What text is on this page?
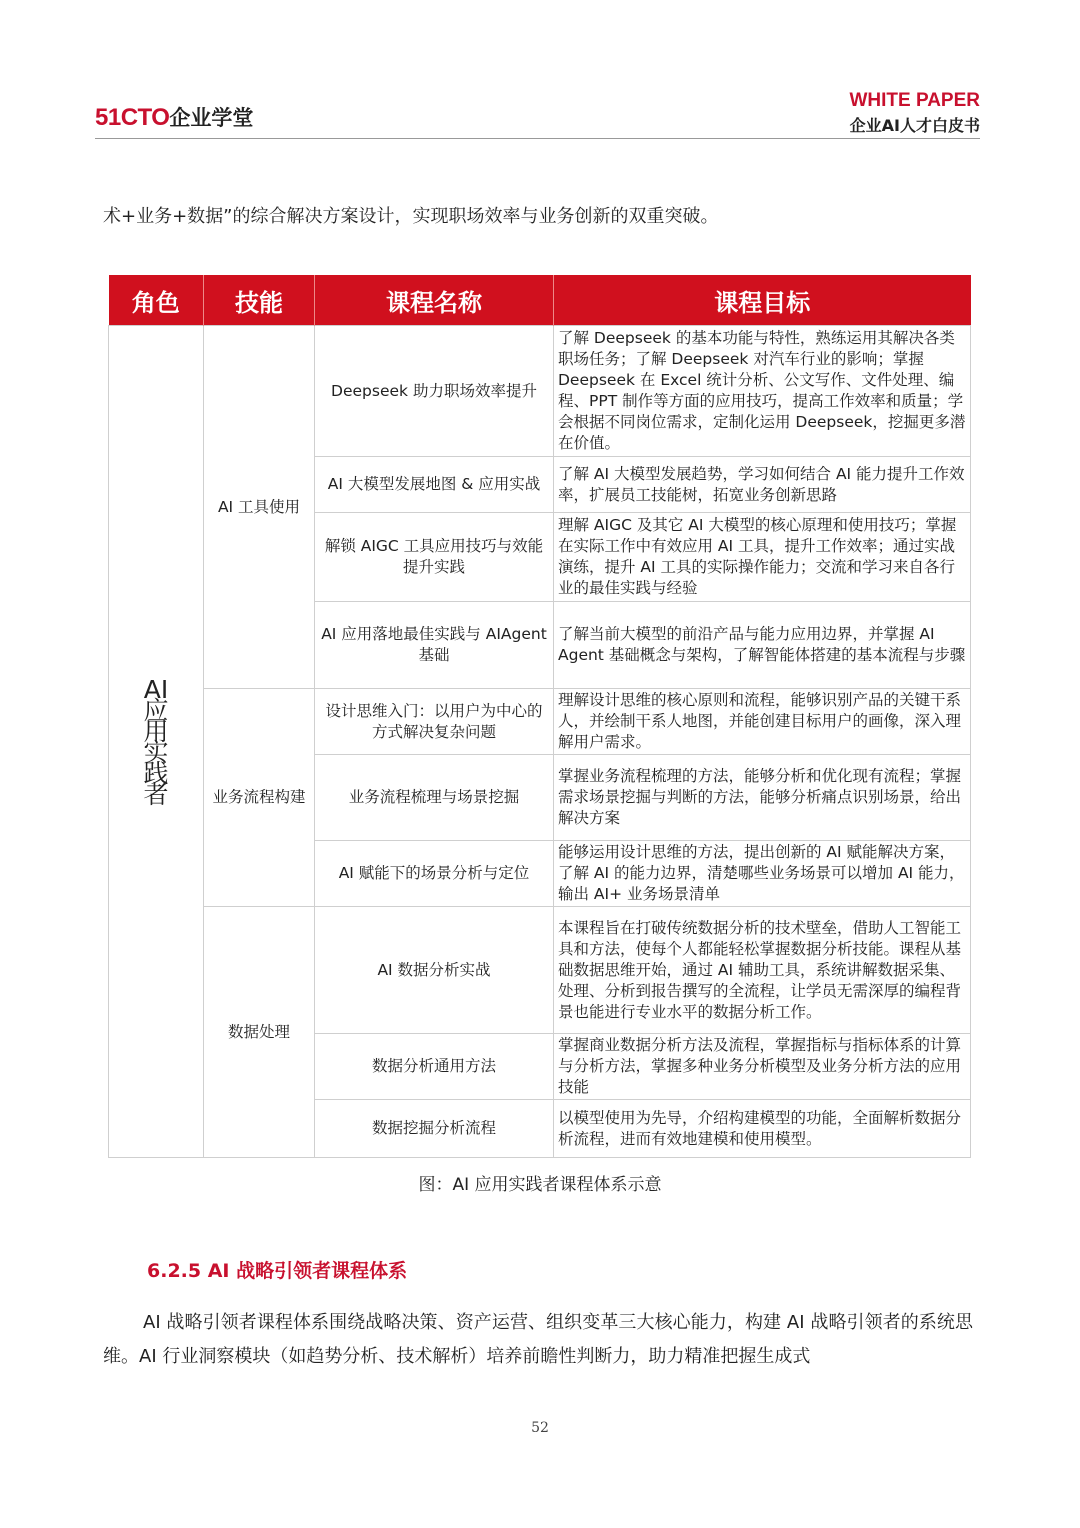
51CTO企业学堂
WHITE PAPER
企业AI人才白皮书
术+业务+数据”的综合解决方案设计，实现职场效率与业务创新的双重突破。
角色	技能	课程名称	课程目标

AI应用实践者	AI 工具使用	Deepseek 助力职场效率提升	了解 Deepseek 的基本功能与特性，熟练运用其解决各类职场任务；了解 Deepseek 对汽车行业的影响；掌握 Deepseek 在 Excel 统计分析、公文写作、文件处理、编程、PPT 制作等方面的应用技巧，提高工作效率和质量；学会根据不同岗位需求，定制化运用 Deepseek，挖掘更多潜在价值。
		AI 大模型发展地图 & 应用实战	了解 AI 大模型发展趋势，学习如何结合 AI 能力提升工作效率，扩展员工技能树，拓宽业务创新思路
		解锁 AIGC 工具应用技巧与效能提升实践	理解 AIGC 及其它 AI 大模型的核心原理和使用技巧；掌握在实际工作中有效应用 AI 工具，提升工作效率；通过实战演练，提升 AI 工具的实际操作能力；交流和学习来自各行业的最佳实践与经验
		AI 应用落地最佳实践与 AIAgent 基础	了解当前大模型的前沿产品与能力应用边界，并掌握 AI Agent 基础概念与架构，了解智能体搭建的基本流程与步骤
	业务流程构建	设计思维入门：以用户为中心的方式解决复杂问题	理解设计思维的核心原则和流程，能够识别产品的关键干系人，并绘制干系人地图，并能创建目标用户的画像，深入理解用户需求。
		业务流程梳理与场景挖掘	掌握业务流程梳理的方法，能够分析和优化现有流程；掌握需求场景挖掘与判断的方法，能够分析痛点识别场景，给出解决方案
		AI 赋能下的场景分析与定位	能够运用设计思维的方法，提出创新的 AI 赋能解决方案，了解 AI 的能力边界，清楚哪些业务场景可以增加 AI 能力，输出 AI+ 业务场景清单
	数据处理	AI 数据分析实战	本课程旨在打破传统数据分析的技术壁垒，借助人工智能工具和方法，使每个人都能轻松掌握数据分析技能。课程从基础数据思维开始，通过 AI 辅助工具，系统讲解数据采集、处理、分析到报告撰写的全流程，让学员无需深厚的编程背景也能进行专业水平的数据分析工作。
		数据分析通用方法	掌握商业数据分析方法及流程，掌握指标与指标体系的计算与分析方法，掌握多种业务分析模型及业务分析方法的应用技能
		数据挖掘分析流程	以模型使用为先导，介绍构建模型的功能，全面解析数据分析流程，进而有效地建模和使用模型。
图：AI 应用实践者课程体系示意
6.2.5 AI 战略引领者课程体系
AI 战略引领者课程体系围绕战略决策、资产运营、组织变革三大核心能力，构建 AI 战略引领者的系统思维。AI 行业洞察模块（如趋势分析、技术解析）培养前瞻性判断力，助力精准把握生成式
52
